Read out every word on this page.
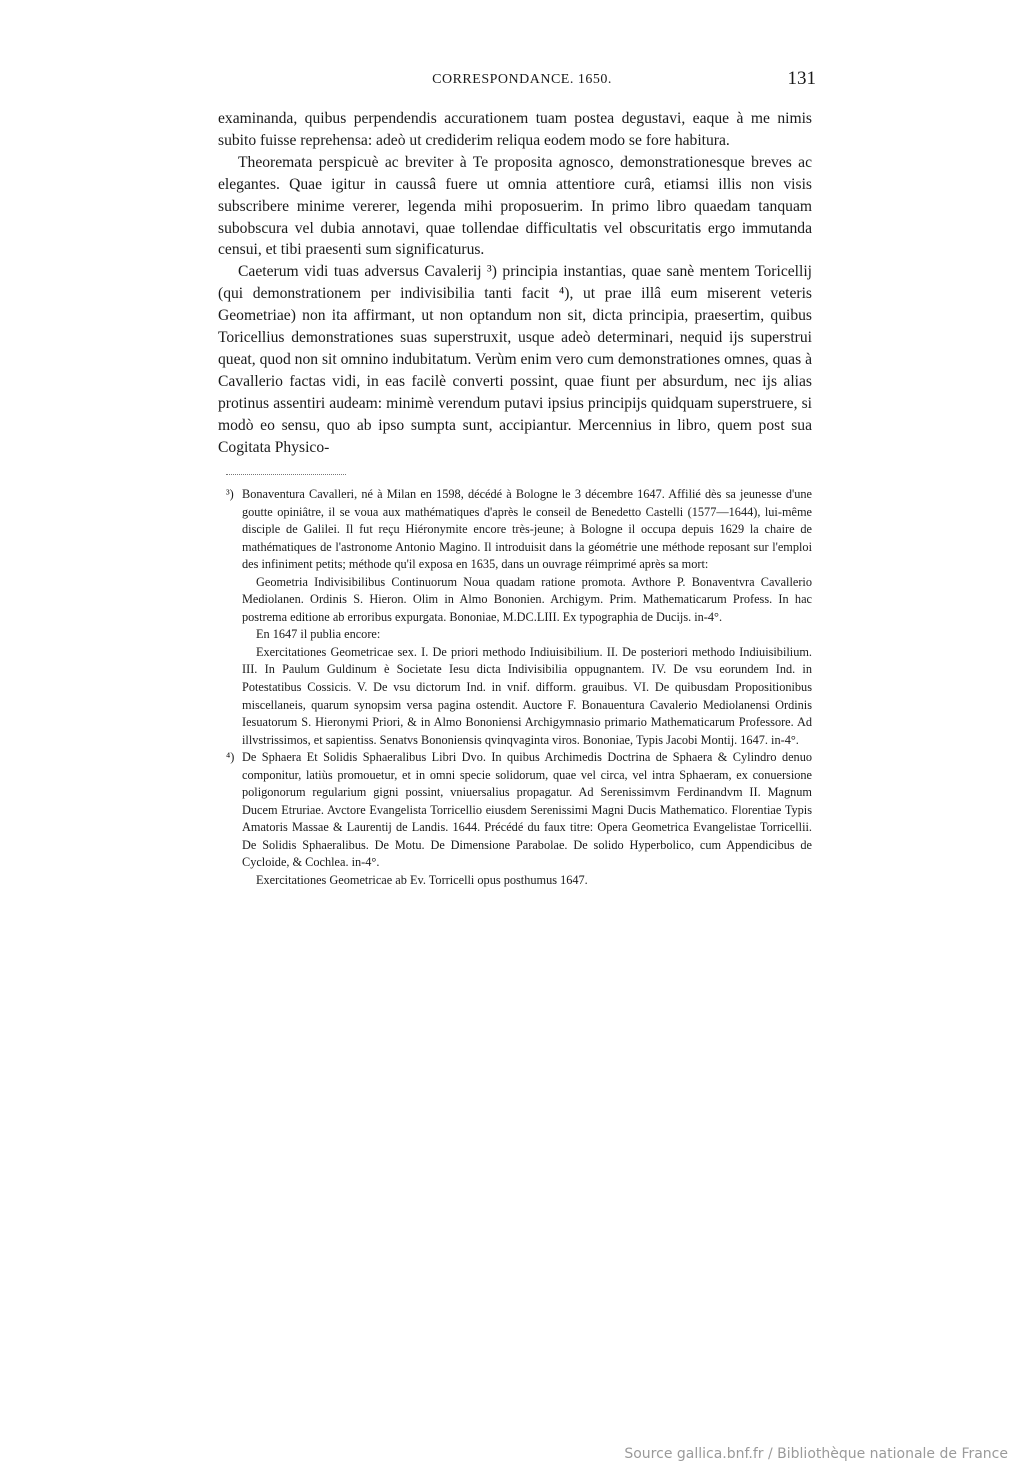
CORRESPONDANCE. 1650.	131

examinanda, quibus perpendendis accurationem tuam postea degustavi, eaque à me nimis subito fuisse reprehensa: adeò ut crediderim reliqua eodem modo se fore habitura.

Theoremata perspicuè ac breviter à Te proposita agnosco, demonstrationesque breves ac elegantes. Quae igitur in caussâ fuere ut omnia attentiore curâ, etiamsi illis non visis subscribere minime vererer, legenda mihi proposuerim. In primo libro quaedam tanquam subobscura vel dubia annotavi, quae tollendae difficultatis vel obscuritatis ergo immutanda censui, et tibi praesenti sum significaturus.

Caeterum vidi tuas adversus Cavalerij ³) principia instantias, quae sanè mentem Toricellij (qui demonstrationem per indivisibilia tanti facit ⁴), ut prae illâ eum miserent veteris Geometriae) non ita affirmant, ut non optandum non sit, dicta principia, praesertim, quibus Toricellius demonstrationes suas superstruxit, usque adeò determinari, nequid ijs superstrui queat, quod non sit omnino indubitatum. Verùm enim vero cum demonstrationes omnes, quas à Cavallerio factas vidi, in eas facilè converti possint, quae fiunt per absurdum, nec ijs alias protinus assentiri audeam: minimè verendum putavi ipsius principijs quidquam superstruere, si modò eo sensu, quo ab ipso sumpta sunt, accipiantur. Mercennius in libro, quem post sua Cogitata Physico-

³) Bonaventura Cavalleri, né à Milan en 1598, décédé à Bologne le 3 décembre 1647. Affilié dès sa jeunesse d'une goutte opiniâtre, il se voua aux mathématiques d'après le conseil de Benedetto Castelli (1577—1644), lui-même disciple de Galilei. Il fut reçu Hiéronymite encore très-jeune; à Bologne il occupa depuis 1629 la chaire de mathématiques de l'astronome Antonio Magino. Il introduisit dans la géométrie une méthode reposant sur l'emploi des infiniment petits; méthode qu'il exposa en 1635, dans un ouvrage réimprimé après sa mort:

Geometria Indivisibilibus Continuorum Noua quadam ratione promota. Avthore P. Bonaventvra Cavallerio Mediolanen. Ordinis S. Hieron. Olim in Almo Bononien. Archigym. Prim. Mathematicarum Profess. In hac postrema editione ab erroribus expurgata. Bononiae, M.DC.LIII. Ex typographia de Ducijs. in-4°.

En 1647 il publia encore:

Exercitationes Geometricae sex. I. De priori methodo Indiuisibilium. II. De posteriori methodo Indiuisibilium. III. In Paulum Guldinum è Societate Iesu dicta Indivisibilia oppugnantem. IV. De vsu eorundem Ind. in Potestatibus Cossicis. V. De vsu dictorum Ind. in vnif. difform. grauibus. VI. De quibusdam Propositionibus miscellaneis, quarum synopsim versa pagina ostendit. Auctore F. Bonauentura Cavalerio Mediolanensi Ordinis Iesuatorum S. Hieronymi Priori, & in Almo Bononiensi Archigymnasio primario Mathematicarum Professore. Ad illvstrissimos, et sapientiss. Senatvs Bononiensis qvinqvaginta viros. Bononiae, Typis Jacobi Montij. 1647. in-4°.

⁴) De Sphaera Et Solidis Sphaeralibus Libri Dvo. In quibus Archimedis Doctrina de Sphaera & Cylindro denuo componitur, latiùs promouetur, et in omni specie solidorum, quae vel circa, vel intra Sphaeram, ex conuersione poligonorum regularium gigni possint, vniuersalius propagatur. Ad Serenissimvm Ferdinandvm II. Magnum Ducem Etruriae. Avctore Evangelista Torricellio eiusdem Serenissimi Magni Ducis Mathematico. Florentiae Typis Amatoris Massae & Laurentij de Landis. 1644. Précédé du faux titre: Opera Geometrica Evangelistae Torricellii. De Solidis Sphaeralibus. De Motu. De Dimensione Parabolae. De solido Hyperbolico, cum Appendicibus de Cycloide, & Cochlea. in-4°.

Exercitationes Geometricae ab Ev. Torricelli opus posthumus 1647.

Source gallica.bnf.fr / Bibliothèque nationale de France
